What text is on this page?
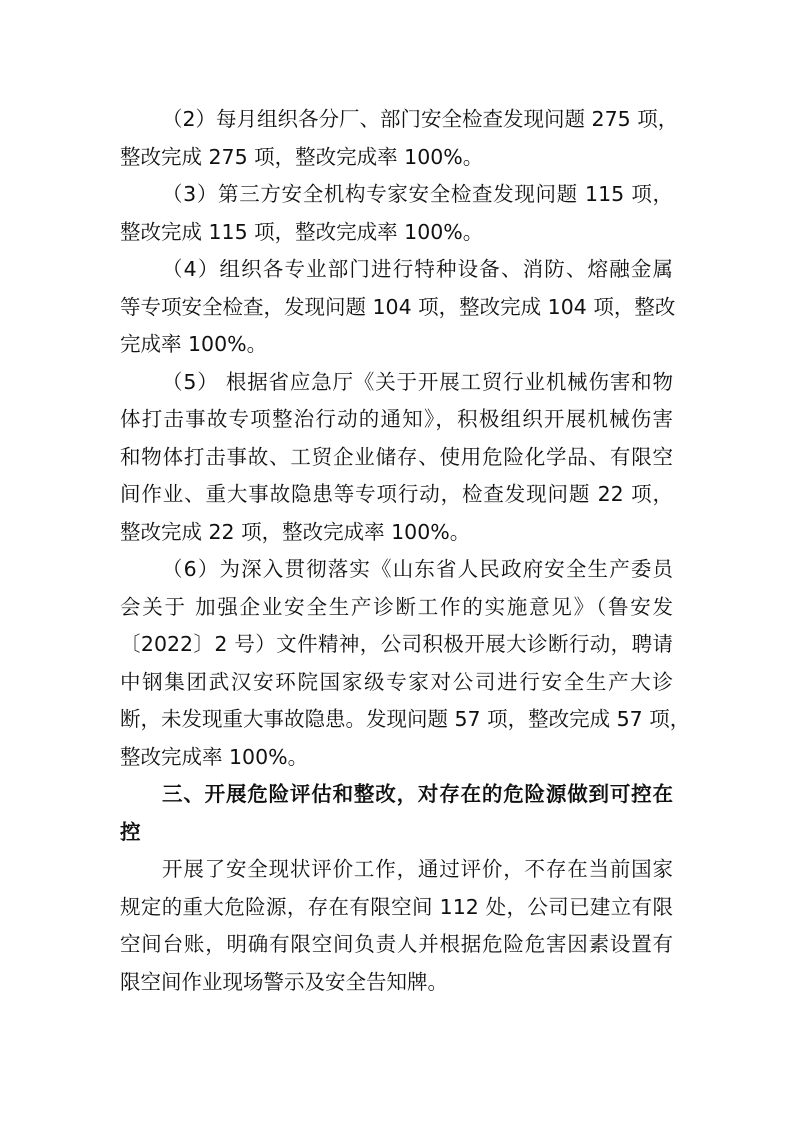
（2）每月组织各分厂、部门安全检查发现问题 275 项，
整改完成 275 项，整改完成率 100%。
（3）第三方安全机构专家安全检查发现问题 115 项，
整改完成 115 项，整改完成率 100%。
（4）组织各专业部门进行特种设备、消防、熔融金属
等专项安全检查，发现问题 104 项，整改完成 104 项，整改
完成率 100%。
（5） 根据省应急厅《关于开展工贸行业机械伤害和物
体打击事故专项整治行动的通知》，积极组织开展机械伤害
和物体打击事故、工贸企业储存、使用危险化学品、有限空
间作业、重大事故隐患等专项行动，检查发现问题 22 项，
整改完成 22 项，整改完成率 100%。
（6）为深入贯彻落实《山东省人民政府安全生产委员
会关于 加强企业安全生产诊断工作的实施意见》（鲁安发
〔2022〕2 号）文件精神，公司积极开展大诊断行动，聘请
中钢集团武汉安环院国家级专家对公司进行安全生产大诊
断，未发现重大事故隐患。发现问题 57 项，整改完成 57 项，
整改完成率 100%。
三、开展危险评估和整改，对存在的危险源做到可控在
控
开展了安全现状评价工作，通过评价，不存在当前国家
规定的重大危险源，存在有限空间 112 处，公司已建立有限
空间台账，明确有限空间负责人并根据危险危害因素设置有
限空间作业现场警示及安全告知牌。
